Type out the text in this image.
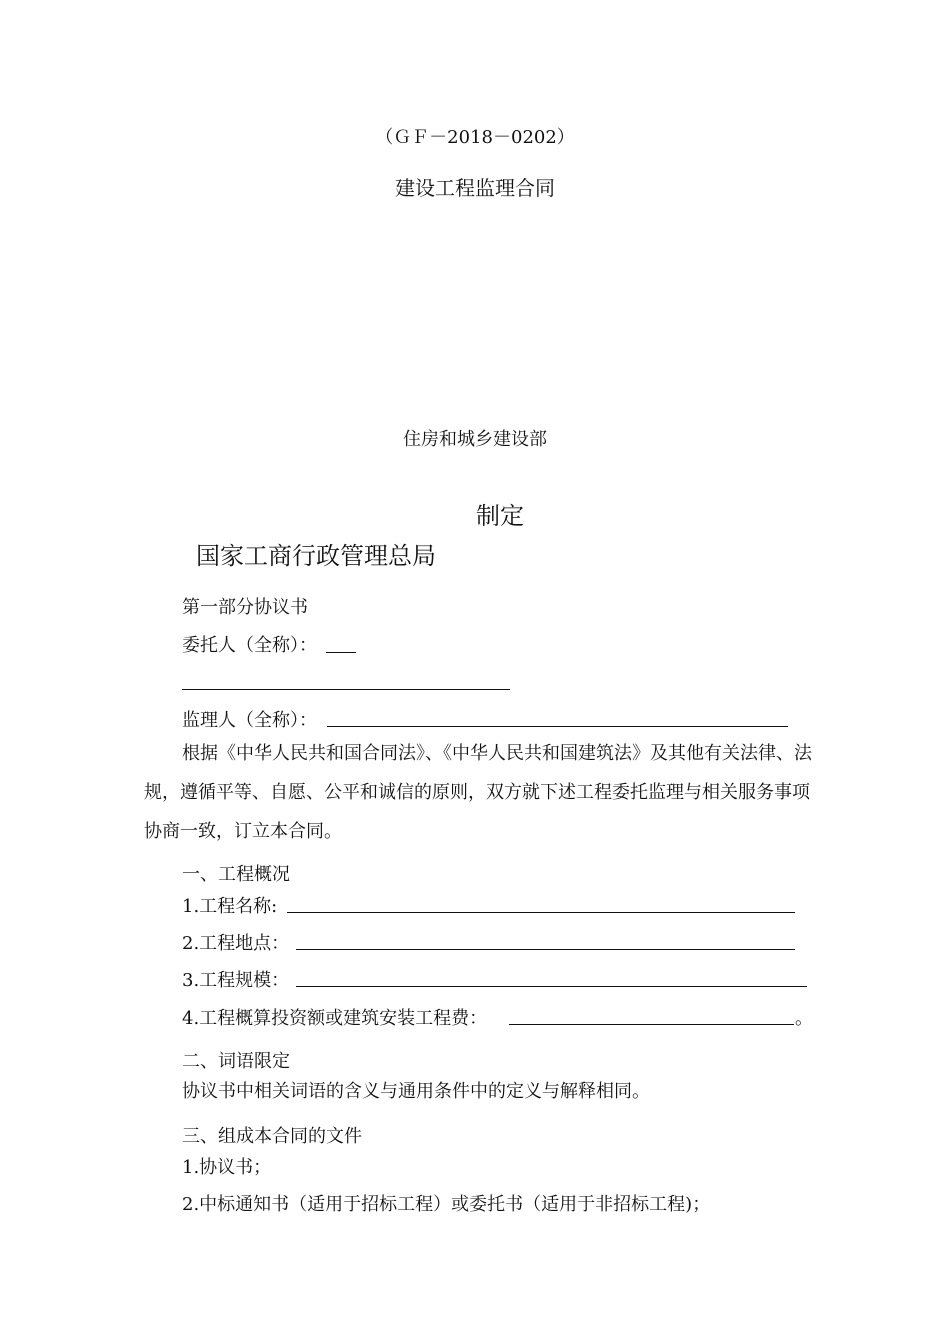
（ＧＦ－2018－0202）
建设工程监理合同
住房和城乡建设部
制定
国家工商行政管理总局
第一部分协议书
委托人（全称）：
监理人（全称）：
根据《中华人民共和国合同法》、《中华人民共和国建筑法》及其他有关法律、法规，遵循平等、自愿、公平和诚信的原则，双方就下述工程委托监理与相关服务事项协商一致，订立本合同。
一、工程概况
1.工程名称:
2.工程地点：
3.工程规模：
4.工程概算投资额或建筑安装工程费：	。
二、词语限定
协议书中相关词语的含义与通用条件中的定义与解释相同。
三、组成本合同的文件
1.协议书；
2.中标通知书（适用于招标工程）或委托书（适用于非招标工程)；
